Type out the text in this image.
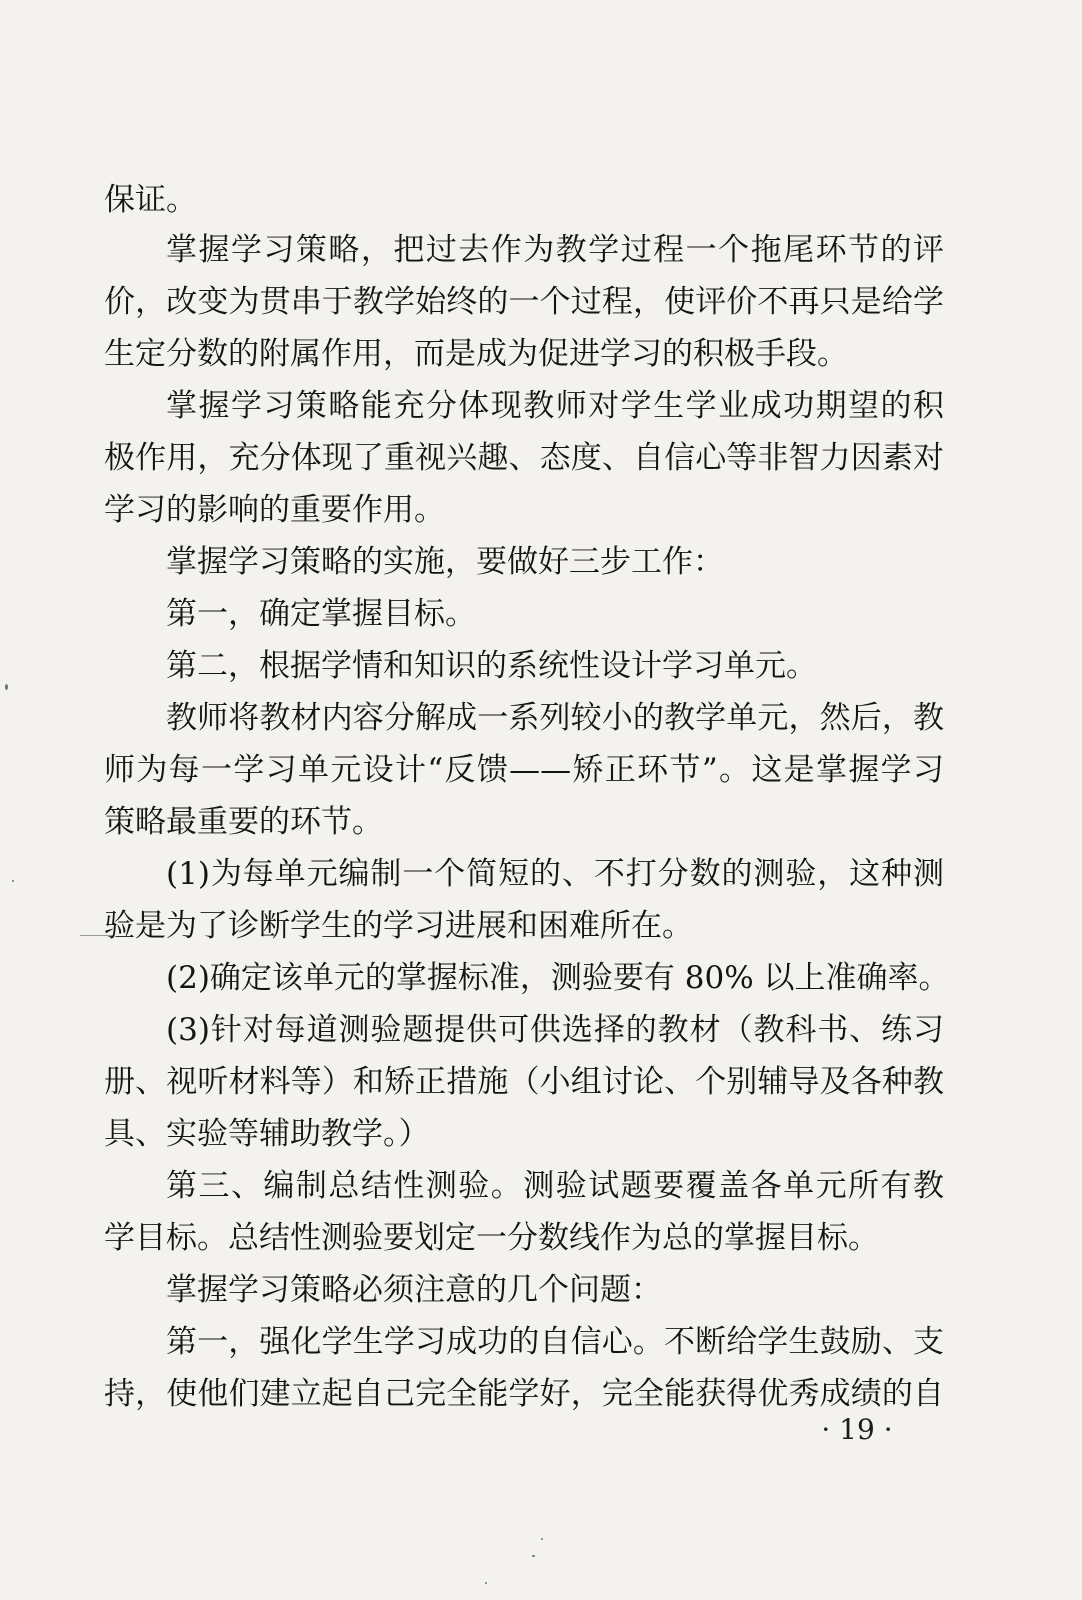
保证。
掌握学习策略，把过去作为教学过程一个拖尾环节的评
价，改变为贯串于教学始终的一个过程，使评价不再只是给学
生定分数的附属作用，而是成为促进学习的积极手段。
掌握学习策略能充分体现教师对学生学业成功期望的积
极作用，充分体现了重视兴趣、态度、自信心等非智力因素对
学习的影响的重要作用。
掌握学习策略的实施，要做好三步工作：
第一，确定掌握目标。
第二，根据学情和知识的系统性设计学习单元。
教师将教材内容分解成一系列较小的教学单元，然后，教
师为每一学习单元设计“反馈——矫正环节”。这是掌握学习
策略最重要的环节。
(1)为每单元编制一个简短的、不打分数的测验，这种测
验是为了诊断学生的学习进展和困难所在。
(2)确定该单元的掌握标准，测验要有 80% 以上准确率。
(3)针对每道测验题提供可供选择的教材（教科书、练习
册、视听材料等）和矫正措施（小组讨论、个别辅导及各种教
具、实验等辅助教学。）
第三、编制总结性测验。测验试题要覆盖各单元所有教
学目标。总结性测验要划定一分数线作为总的掌握目标。
掌握学习策略必须注意的几个问题：
第一，强化学生学习成功的自信心。不断给学生鼓励、支
持，使他们建立起自己完全能学好，完全能获得优秀成绩的自
· 19 ·
